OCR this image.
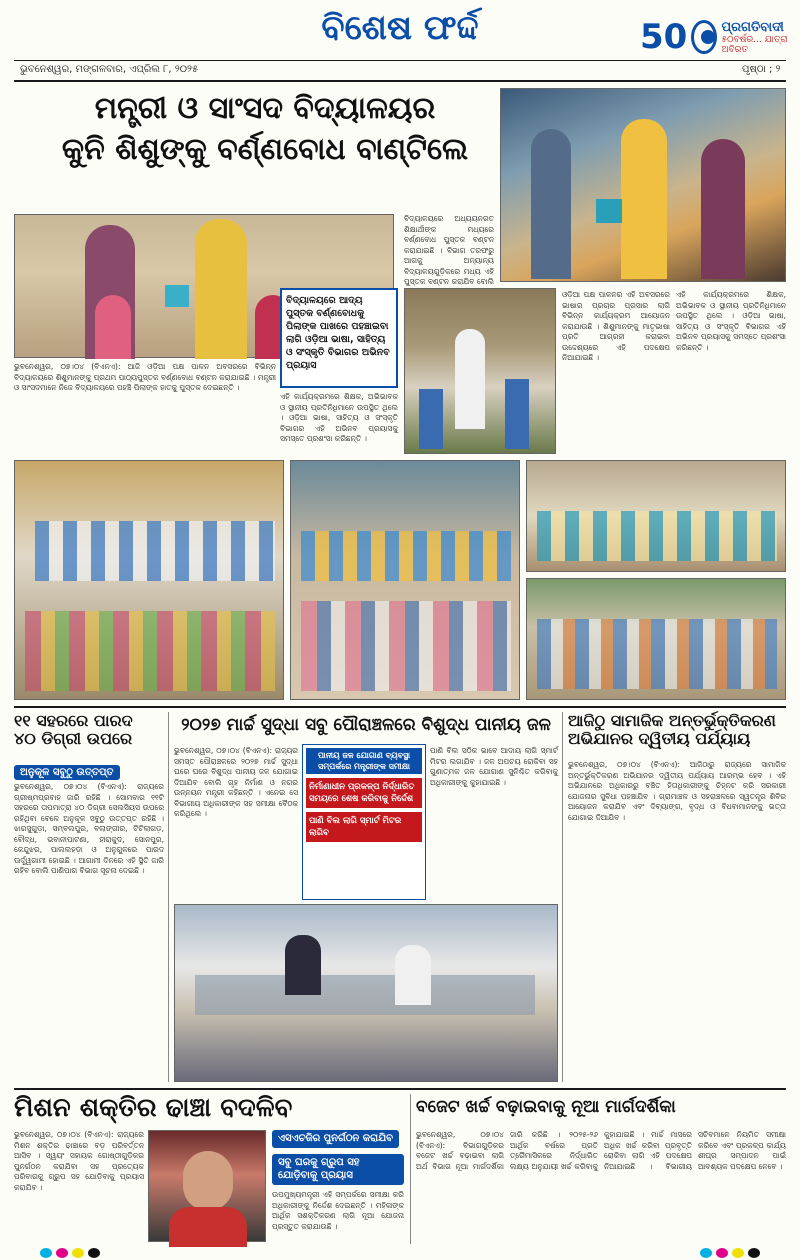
ବିଶେଷ ଫର୍ଦ୍ଦ	50	ପ୍ରଗତିବାଦୀ
୫୦ବର୍ଷର... ଯାତ୍ରା ଅବିରତ
ଭୁବନେଶ୍ୱର, ମଙ୍ଗଳବାର, ଏପ୍ରିଲ ୮, ୨୦୨୫	ପୃଷ୍ଠା ; ୨
ମନ୍ତ୍ରୀ ଓ ସାଂସଦ ବିଦ୍ୟାଳୟର
କୁନି ଶିଶୁଙ୍କୁ ବର୍ଣ୍ଣବୋଧ ବାଣ୍ଟିଲେ
ବିଦ୍ୟାଳୟରେ ଅଧ୍ୟୟନରତ ଶିକ୍ଷାର୍ଥୀଙ୍କ ମଧ୍ୟରେ ବର୍ଣ୍ଣବୋଧ ପୁସ୍ତକ ବଣ୍ଟନ କରାଯାଇଛି । ବିଭାଗ ତରଫରୁ ଆଗକୁ ଅନ୍ୟାନ୍ୟ ବିଦ୍ୟାଳୟଗୁଡ଼ିକରେ ମଧ୍ୟ ଏହି ପୁସ୍ତକ ବଣ୍ଟନ କରାଯିବ ବୋଲି
ବିଦ୍ୟାଳୟରେ ଆଦ୍ୟ ପୁସ୍ତକ ବର୍ଣ୍ଣବୋଧକୁ ପିଲାଙ୍କ ପାଖରେ ପହଞ୍ଚାଇବା ଲାଗି ଓଡ଼ିଆ ଭାଷା, ସାହିତ୍ୟ ଓ ସଂସ୍କୃତି ବିଭାଗର ଅଭିନବ ପ୍ରୟାସ
ଓଡ଼ିଆ ପକ୍ଷ ପାଳନର ଏହି ଅବସରରେ ଭାଷାର ପ୍ରଚାର ପ୍ରସାର ଲାଗି ବିଭିନ୍ନ କାର୍ଯ୍ୟକ୍ରମ ଆୟୋଜନ କରାଯାଉଛି । ଶିଶୁମାନଙ୍କୁ ମାତୃଭାଷା ପ୍ରତି ଆଗ୍ରହୀ କରାଇବା ଉଦ୍ଦେଶ୍ୟରେ ଏହି ପଦକ୍ଷେପ ନିଆଯାଇଛି ।
ଏହି କାର୍ଯ୍ୟକ୍ରମରେ ଶିକ୍ଷକ, ଅଭିଭାବକ ଓ ସ୍ଥାନୀୟ ପ୍ରତିନିଧିମାନେ ଉପସ୍ଥିତ ଥିଲେ । ଓଡ଼ିଆ ଭାଷା, ସାହିତ୍ୟ ଓ ସଂସ୍କୃତି ବିଭାଗର ଏହି ଅଭିନବ ପ୍ରୟାସକୁ ସମସ୍ତେ ପ୍ରଶଂସା କରିଛନ୍ତି ।
ଭୁବନେଶ୍ୱର, ୦୭।୦୪ (ବିଏନଏ): ଆଜି ଓଡ଼ିଆ ପକ୍ଷ ପାଳନ ଅବସରରେ ବିଭିନ୍ନ ବିଦ୍ୟାଳୟରେ ଶିଶୁମାନଙ୍କୁ ପ୍ରଥମ ପାଠ୍ୟପୁସ୍ତକ ବର୍ଣ୍ଣବୋଧ ବଣ୍ଟନ କରାଯାଇଛି । ମନ୍ତ୍ରୀ ଓ ସାଂସଦମାନେ ନିଜେ ବିଦ୍ୟାଳୟରେ ପହଞ୍ଚି ପିଲାଙ୍କ ହାତକୁ ପୁସ୍ତକ ଦେଇଛନ୍ତି ।
ଏହି କାର୍ଯ୍ୟକ୍ରମରେ ଶିକ୍ଷକ, ଅଭିଭାବକ ଓ ସ୍ଥାନୀୟ ପ୍ରତିନିଧିମାନେ ଉପସ୍ଥିତ ଥିଲେ । ଓଡ଼ିଆ ଭାଷା, ସାହିତ୍ୟ ଓ ସଂସ୍କୃତି ବିଭାଗର ଏହି ଅଭିନବ ପ୍ରୟାସକୁ ସମସ୍ତେ ପ୍ରଶଂସା କରିଛନ୍ତି ।
୧୧ ସହରରେ ପାରଦ
୪୦ ଡିଗ୍ରୀ ଉପରେ
ଅନୁକୂଳ ସବୁଠୁ ଉତ୍ତପ୍ତ
ଭୁବନେଶ୍ୱର, ୦୭।୦୪ (ବିଏନଏ): ରାଜ୍ୟରେ ଗ୍ରୀଷ୍ମପ୍ରବାହ ଜାରି ରହିଛି । ସୋମବାର ୧୧ଟି ସହରରେ ତାପମାତ୍ରା ୪୦ ଡିଗ୍ରୀ ସେଲସିୟସ ଉପରେ ରହିଥିବା ବେଳେ ଅନୁକୂଳ ସବୁଠୁ ଉତ୍ତପ୍ତ ରହିଛି । ଝାରସୁଗୁଡ଼ା, ସମ୍ବଲପୁର, ବଲାଙ୍ଗୀର, ଟିଟିଲାଗଡ଼, ବୌଦ୍ଧ, ଭବାନୀପାଟଣା, ହୀରାକୁଦ, ସୋନପୁର, କେନ୍ଦୁଝର, ପାଲଲହଡ଼ା ଓ ଅନୁଗୁଳରେ ପାରଦ ଊର୍ଦ୍ଧ୍ୱଗାମୀ ହୋଇଛି । ଆଗାମୀ ଦିନରେ ଏହି ସ୍ଥିତି ଜାରି ରହିବ ବୋଲି ପାଣିପାଗ ବିଭାଗ ସୂଚନା ଦେଇଛି ।
୨୦୨୭ ମାର୍ଚ୍ଚ ସୁଦ୍ଧା ସବୁ ପୌରାଞ୍ଚଳରେ ବିଶୁଦ୍ଧ ପାନୀୟ ଜଳ
ଭୁବନେଶ୍ୱର, ୦୭।୦୪ (ବିଏନଏ): ରାଜ୍ୟର ସମସ୍ତ ପୌରାଞ୍ଚଳରେ ୨୦୨୭ ମାର୍ଚ୍ଚ ସୁଦ୍ଧା ଘରେ ଘରେ ବିଶୁଦ୍ଧ ପାନୀୟ ଜଳ ଯୋଗାଇ ଦିଆଯିବ ବୋଲି ଗୃହ ନିର୍ମାଣ ଓ ନଗର ଉନ୍ନୟନ ମନ୍ତ୍ରୀ କହିଛନ୍ତି । ଏନେଇ ସେ ବିଭାଗୀୟ ଅଧିକାରୀଙ୍କ ସହ ସମୀକ୍ଷା ବୈଠକ କରିଥିଲେ ।
ପାନୀୟ ଜଳ ଯୋଗାଣ ବ୍ୟବସ୍ଥା ସମ୍ପର୍କରେ ମନ୍ତ୍ରୀଙ୍କ ସମୀକ୍ଷା
ନିର୍ମାଣାଧୀନ ପ୍ରକଳ୍ପ ନିର୍ଦ୍ଧାରିତ ସମୟରେ ଶେଷ କରିବାକୁ ନିର୍ଦ୍ଦେଶ
ପାଣି ବିଲ ଲାଗି ସ୍ମାର୍ଟ ମିଟର ଲାଗିବ
ପାଣି ବିଲ ସଠିକ ଭାବେ ଆଦାୟ ଲାଗି ସ୍ମାର୍ଟ ମିଟର ଲଗାଯିବ । ଜଳ ଅପଚୟ ରୋକିବା ସହ ଗୁଣାତ୍ମକ ଜଳ ଯୋଗାଣ ସୁନିଶ୍ଚିତ କରିବାକୁ ଅଧିକାରୀଙ୍କୁ କୁହାଯାଇଛି ।
ଆଜିଠୁ ସାମାଜିକ ଅନ୍ତର୍ଭୁକ୍ତିକରଣ
ଅଭିଯାନର ଦ୍ୱିତୀୟ ପର୍ଯ୍ୟାୟ
ଭୁବନେଶ୍ୱର, ୦୭।୦୪ (ବିଏନଏ): ଆଜିଠାରୁ ରାଜ୍ୟରେ ସାମାଜିକ ଅନ୍ତର୍ଭୁକ୍ତିକରଣ ଅଭିଯାନର ଦ୍ୱିତୀୟ ପର୍ଯ୍ୟାୟ ଆରମ୍ଭ ହେବ । ଏହି ଅଭିଯାନରେ ଅଧିକାରରୁ ବଞ୍ଚିତ ହିତାଧିକାରୀଙ୍କୁ ଚିହ୍ନଟ କରି ସରକାରୀ ଯୋଜନାର ସୁବିଧା ପହଞ୍ଚାଯିବ । ଗ୍ରାମାଞ୍ଚଳ ଓ ସହରାଞ୍ଚଳରେ ସ୍ୱତନ୍ତ୍ର ଶିବିର ଆୟୋଜନ କରାଯିବ ଏବଂ ଦିବ୍ୟାଙ୍ଗ, ବୃଦ୍ଧ ଓ ବିଧବାମାନଙ୍କୁ ଭତ୍ତା ଯୋଗାଇ ଦିଆଯିବ ।
ମିଶନ ଶକ୍ତିର ଢାଞ୍ଚା ବଦଳିବ
ଭୁବନେଶ୍ୱର, ୦୭।୦୪ (ବିଏନଏ): ରାଜ୍ୟରେ ମିଶନ ଶକ୍ତିର ଢାଞ୍ଚାରେ ବଡ଼ ପରିବର୍ତ୍ତନ ଆସିବ । ସ୍ୱୟଂ ସହାୟକ ଗୋଷ୍ଠୀଗୁଡ଼ିକର ପୁନର୍ଗଠନ କରାଯିବା ସହ ପ୍ରତ୍ୟେକ ପରିବାରକୁ ଗ୍ରୁପ ସହ ଯୋଡ଼ିବାକୁ ପ୍ରୟାସ କରାଯିବ ।
ଏସଏଚଜିର ପୁନର୍ଗଠନ କରାଯିବ
ସବୁ ଘରକୁ ଗ୍ରୁପ ସହ ଯୋଡ଼ିବାକୁ ପ୍ରୟାସ
ଉପମୁଖ୍ୟମନ୍ତ୍ରୀ ଏହି ସମ୍ପର୍କରେ ସମୀକ୍ଷା କରି ଅଧିକାରୀଙ୍କୁ ନିର୍ଦ୍ଦେଶ ଦେଇଛନ୍ତି । ମହିଳାଙ୍କ ଆର୍ଥିକ ସଶକ୍ତିକରଣ ଲାଗି ନୂଆ ଯୋଜନା ପ୍ରସ୍ତୁତ କରାଯାଉଛି ।
ବଜେଟ ଖର୍ଚ୍ଚ ବଢ଼ାଇବାକୁ ନୂଆ ମାର୍ଗଦର୍ଶିକା
ଭୁବନେଶ୍ୱର, ୦୭।୦୪ (ବିଏନଏ): ବିଭାଗଗୁଡ଼ିକର ବଜେଟ ଖର୍ଚ୍ଚ ବଢ଼ାଇବା ଲାଗି ଅର୍ଥ ବିଭାଗ ନୂଆ ମାର୍ଗଦର୍ଶିକା ଜାରି କରିଛି । ୨୦୨୫-୨୬ ଆର୍ଥିକ ବର୍ଷରେ ପ୍ରତି ତ୍ରୈମାସିକରେ ନିର୍ଦ୍ଧାରିତ ଲକ୍ଷ୍ୟ ଅନୁଯାୟୀ ଖର୍ଚ୍ଚ କରିବାକୁ କୁହାଯାଇଛି । ମାର୍ଚ୍ଚ ମାସରେ ଅଧିକ ଖର୍ଚ୍ଚ କରିବା ପ୍ରବୃତ୍ତି ରୋକିବା ଲାଗି ଏହି ପଦକ୍ଷେପ ନିଆଯାଇଛି । ବିଭାଗୀୟ ସଚିବମାନେ ନିୟମିତ ସମୀକ୍ଷା କରିବେ ଏବଂ ପ୍ରକଳ୍ପ କାର୍ଯ୍ୟ ଶୀଘ୍ର ସମ୍ପାଦନ ପାଇଁ ଆବଶ୍ୟକ ପଦକ୍ଷେପ ନେବେ ।
